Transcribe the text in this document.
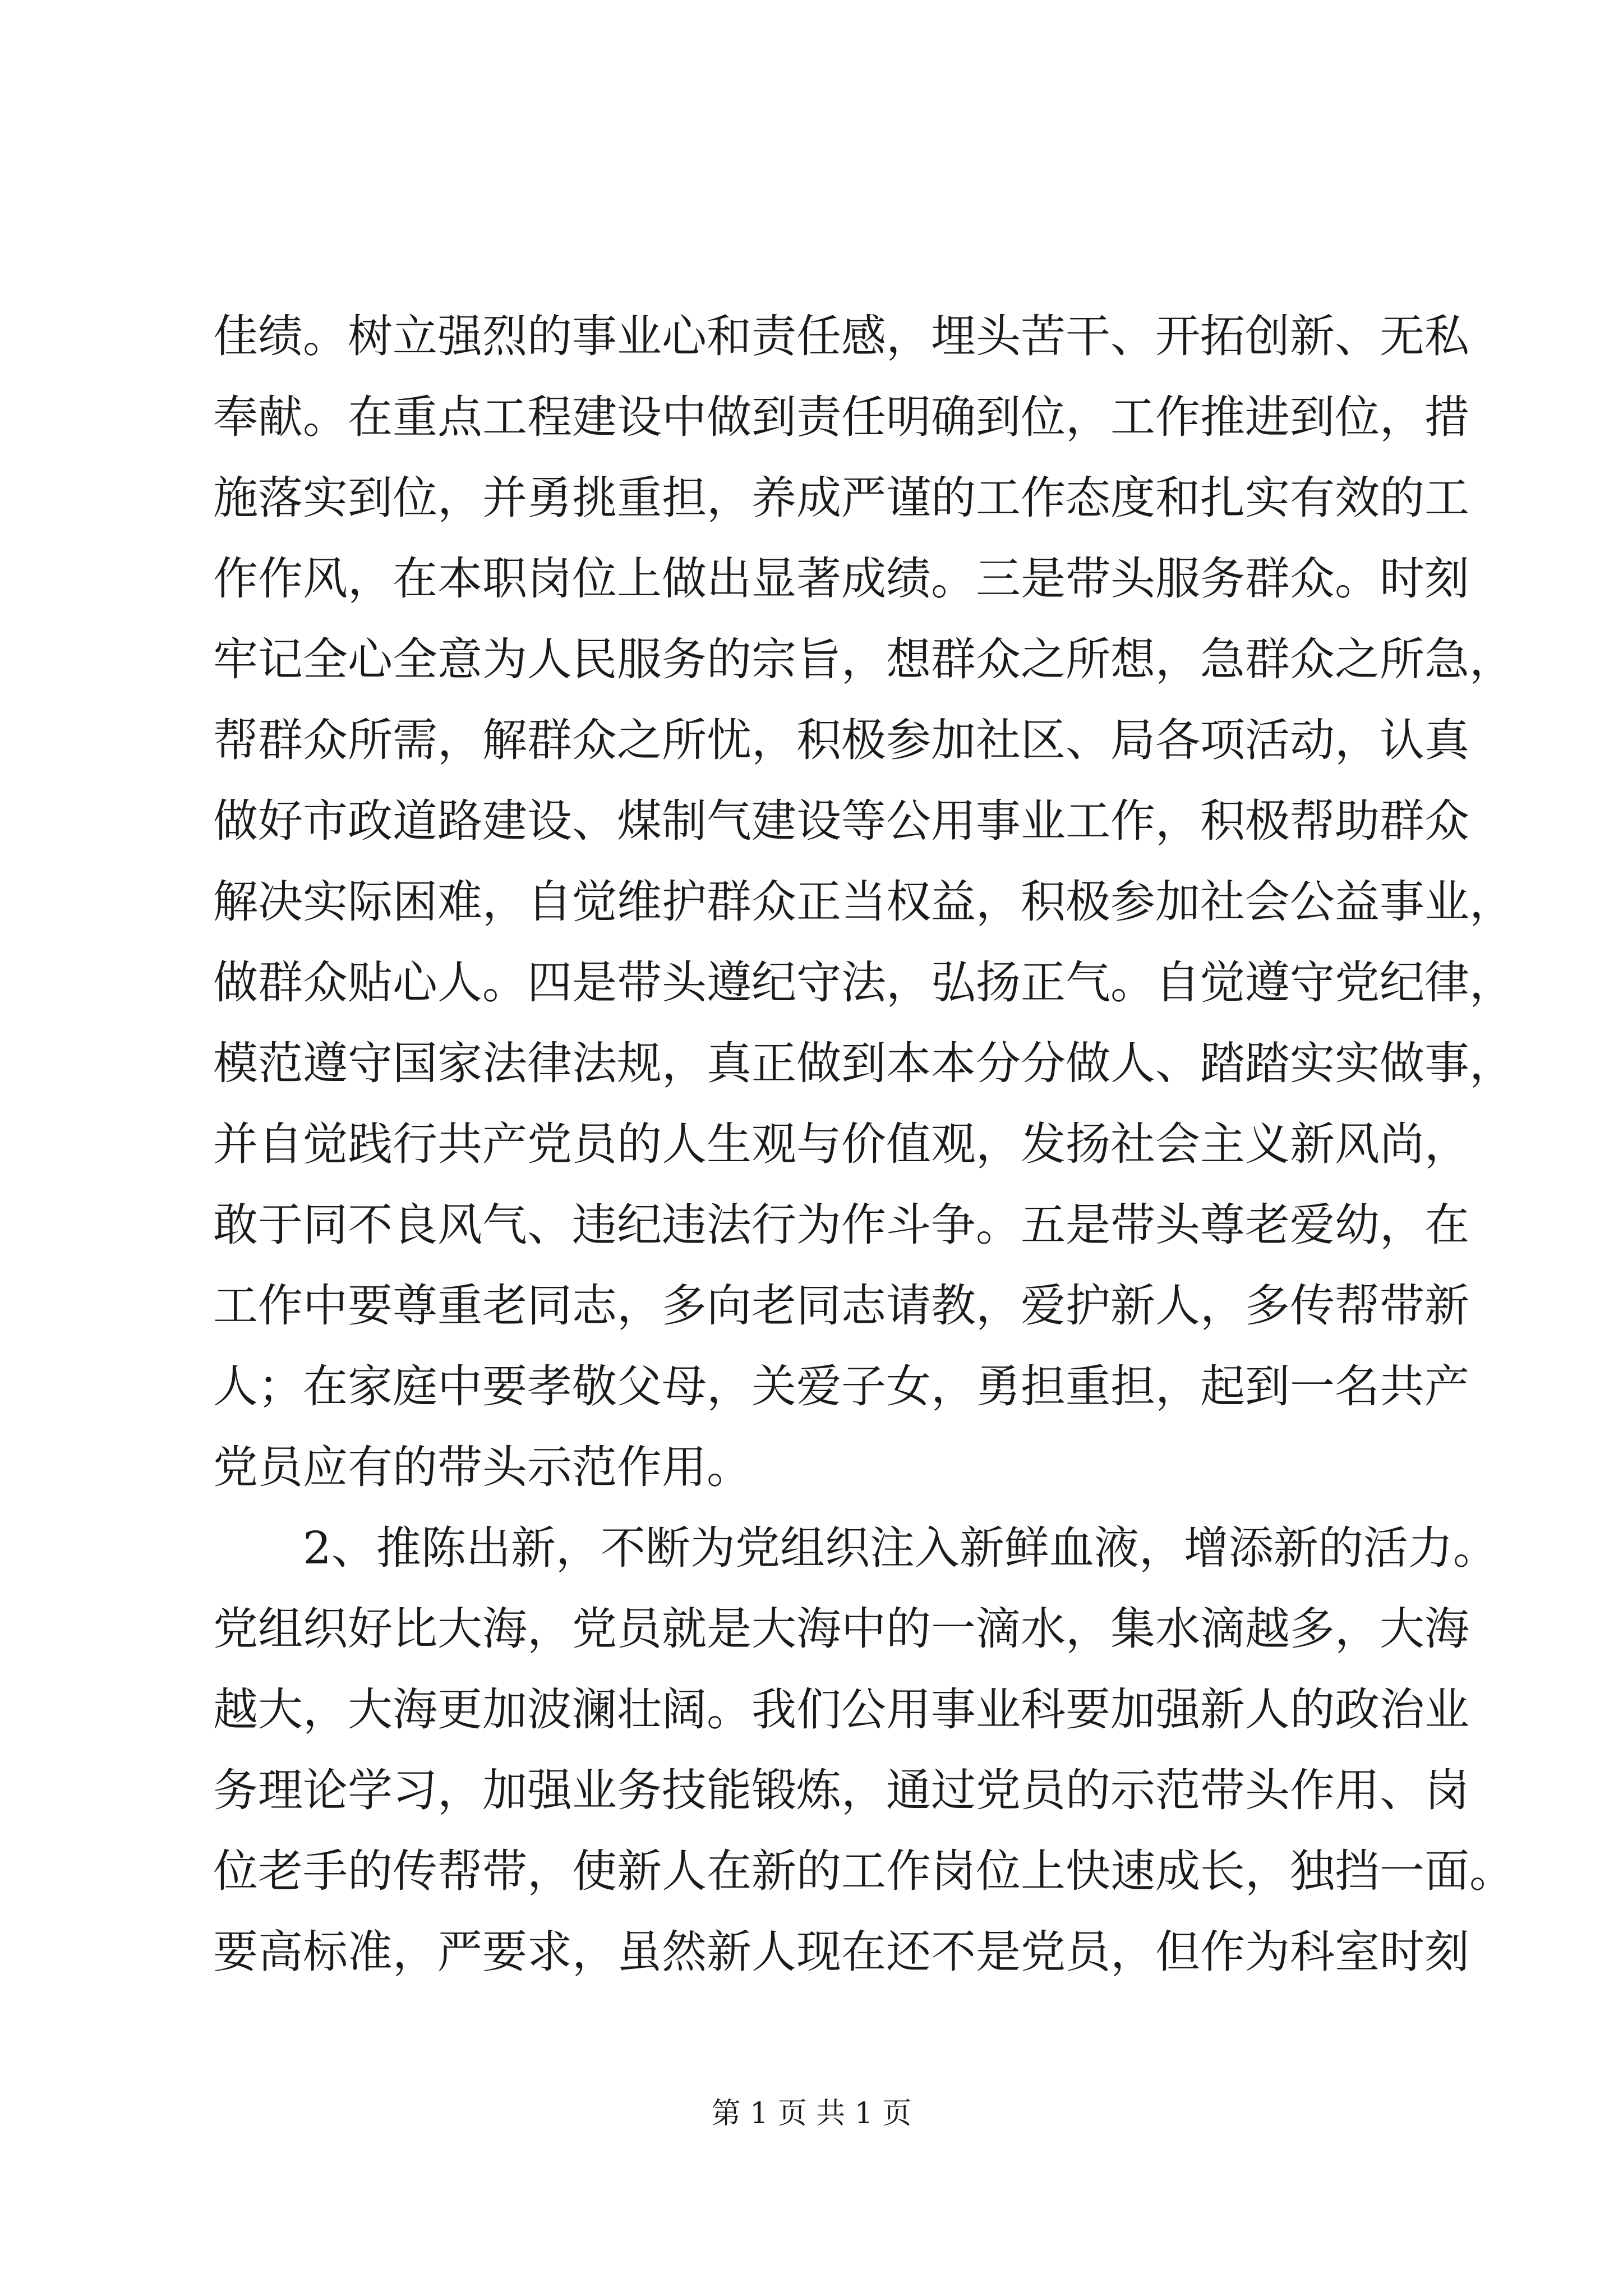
佳绩。树立强烈的事业心和责任感，埋头苦干、开拓创新、无私
奉献。在重点工程建设中做到责任明确到位，工作推进到位，措
施落实到位，并勇挑重担，养成严谨的工作态度和扎实有效的工
作作风，在本职岗位上做出显著成绩。三是带头服务群众。时刻
牢记全心全意为人民服务的宗旨，想群众之所想，急群众之所急，
帮群众所需，解群众之所忧，积极参加社区、局各项活动，认真
做好市政道路建设、煤制气建设等公用事业工作，积极帮助群众
解决实际困难，自觉维护群众正当权益，积极参加社会公益事业，
做群众贴心人。四是带头遵纪守法，弘扬正气。自觉遵守党纪律，
模范遵守国家法律法规，真正做到本本分分做人、踏踏实实做事，
并自觉践行共产党员的人生观与价值观，发扬社会主义新风尚，
敢于同不良风气、违纪违法行为作斗争。五是带头尊老爱幼，在
工作中要尊重老同志，多向老同志请教，爱护新人，多传帮带新
人；在家庭中要孝敬父母，关爱子女，勇担重担，起到一名共产
党员应有的带头示范作用。
2、推陈出新，不断为党组织注入新鲜血液，增添新的活力。
党组织好比大海，党员就是大海中的一滴水，集水滴越多，大海
越大，大海更加波澜壮阔。我们公用事业科要加强新人的政治业
务理论学习，加强业务技能锻炼，通过党员的示范带头作用、岗
位老手的传帮带，使新人在新的工作岗位上快速成长，独挡一面。
要高标准，严要求，虽然新人现在还不是党员，但作为科室时刻
第 1 页 共 1 页
